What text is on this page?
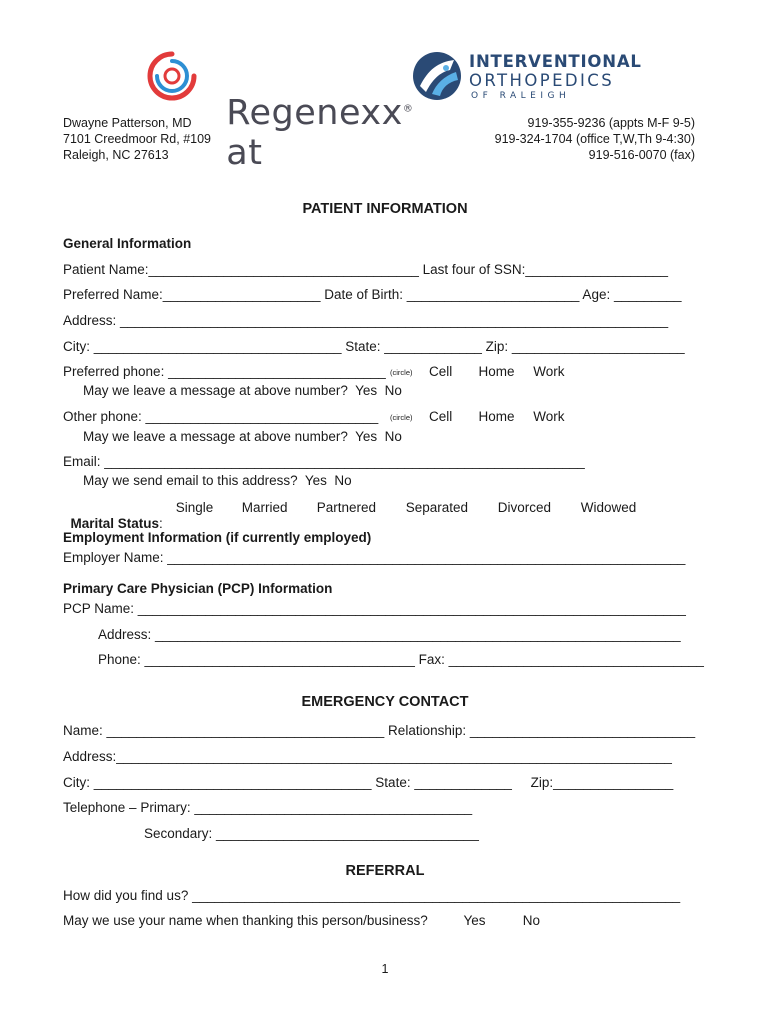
Regenexx®
at

INTERVENTIONAL
ORTHOPEDICS
OF RALEIGH
Dwayne Patterson, MD
7101 Creedmoor Rd, #109
Raleigh, NC 27613
919-355-9236 (appts M-F 9-5)
919-324-1704 (office T,W,Th 9-4:30)
919-516-0070 (fax)
PATIENT INFORMATION
General Information
Patient Name:____________________________________ Last four of SSN:___________________
Preferred Name:_____________________ Date of Birth: _______________________ Age: _________
Address: _________________________________________________________________________
City: _________________________________ State: _____________ Zip: _______________________
Preferred phone: _____________________________ (circle) Cell       Home     Work
May we leave a message at above number?  Yes  No
Other phone: _______________________________ (circle) Cell       Home     Work
May we leave a message at above number?  Yes  No
Email: ________________________________________________________________
May we send email to this address?  Yes  No

Marital Status:

Single Married Partnered Separated Divorced Widowed
Employment Information (if currently employed)
Employer Name: _____________________________________________________________________
Primary Care Physician (PCP) Information
PCP Name: _________________________________________________________________________
Address: ______________________________________________________________________
Phone: ____________________________________ Fax: __________________________________
EMERGENCY CONTACT
Name: _____________________________________ Relationship: ______________________________
Address:__________________________________________________________________________
City: _____________________________________ State: _____________     Zip:________________
Telephone – Primary: _____________________________________
Secondary: ___________________________________
REFERRAL
How did you find us? _________________________________________________________________
May we use your name when thanking this person/business? Yes No
1
